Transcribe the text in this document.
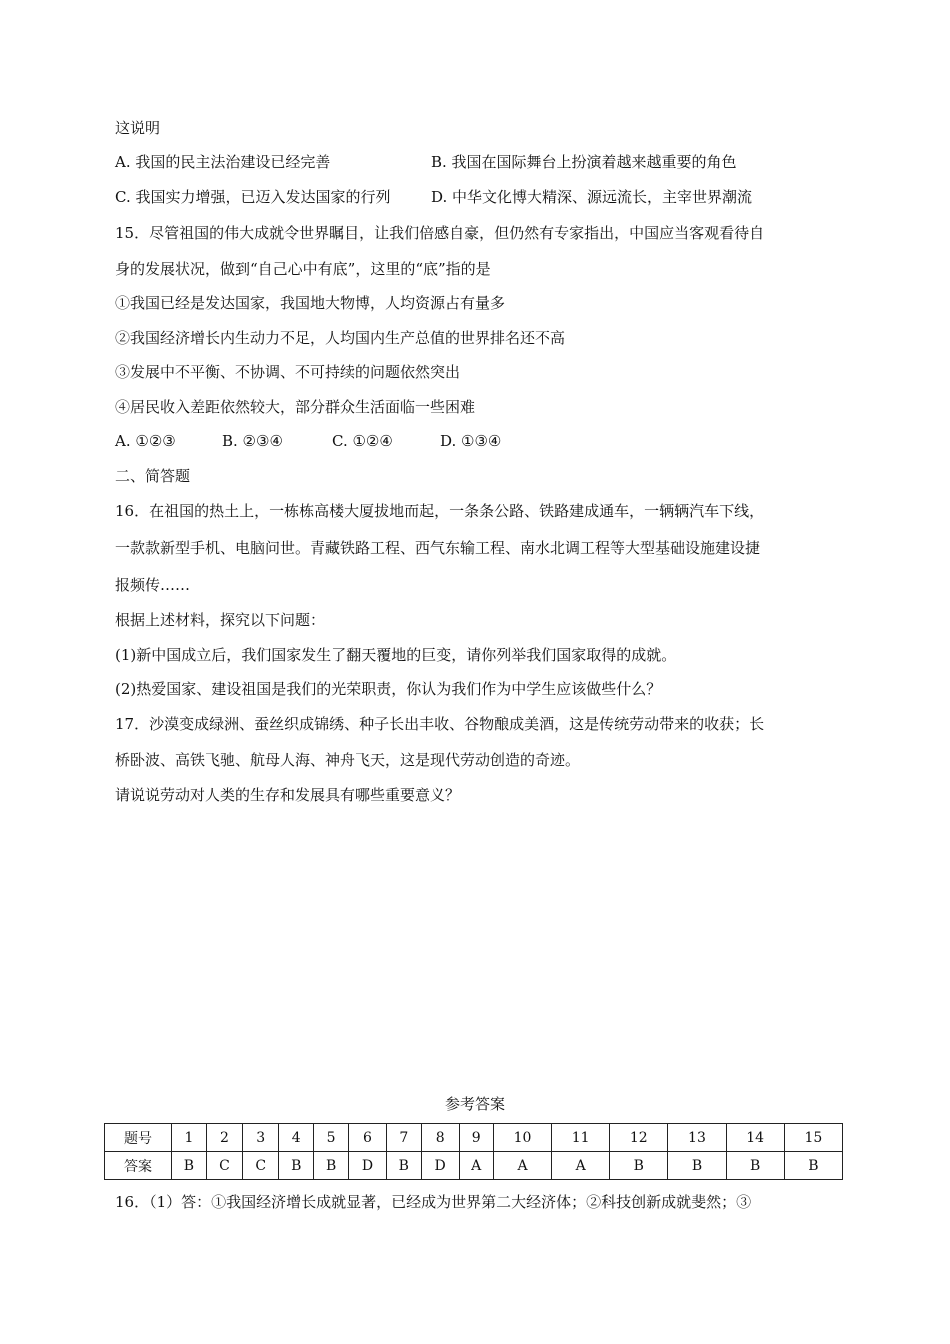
这说明
A. 我国的民主法治建设已经完善	B. 我国在国际舞台上扮演着越来越重要的角色
C. 我国实力增强，已迈入发达国家的行列	D. 中华文化博大精深、源远流长，主宰世界潮流
15．尽管祖国的伟大成就令世界瞩目，让我们倍感自豪，但仍然有专家指出，中国应当客观看待自
身的发展状况，做到“自己心中有底”，这里的“底”指的是
①我国已经是发达国家，我国地大物博，人均资源占有量多
②我国经济增长内生动力不足，人均国内生产总值的世界排名还不高
③发展中不平衡、不协调、不可持续的问题依然突出
④居民收入差距依然较大，部分群众生活面临一些困难
A. ①②③	B. ②③④	C. ①②④	D. ①③④
二、简答题
16．在祖国的热土上，一栋栋高楼大厦拔地而起，一条条公路、铁路建成通车，一辆辆汽车下线，
一款款新型手机、电脑问世。青藏铁路工程、西气东输工程、南水北调工程等大型基础设施建设捷
报频传……
根据上述材料，探究以下问题：
(1)新中国成立后，我们国家发生了翻天覆地的巨变，请你列举我们国家取得的成就。
(2)热爱国家、建设祖国是我们的光荣职责，你认为我们作为中学生应该做些什么？
17．沙漠变成绿洲、蚕丝织成锦绣、种子长出丰收、谷物酿成美酒，这是传统劳动带来的收获；长
桥卧波、高铁飞驰、航母人海、神舟飞天，这是现代劳动创造的奇迹。
请说说劳动对人类的生存和发展具有哪些重要意义？
参考答案
题号	1	2	3	4	5	6	7	8	9	10	11	12	13	14	15
答案	B	C	C	B	B	D	B	D	A	A	A	B	B	B	B
16．（1）答：①我国经济增长成就显著，已经成为世界第二大经济体；②科技创新成就斐然；③
